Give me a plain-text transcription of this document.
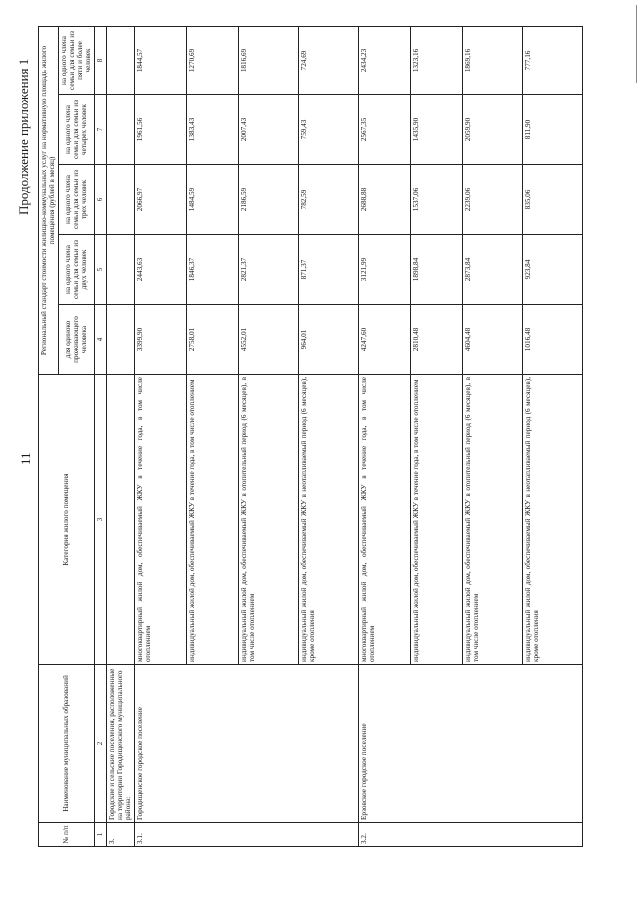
11
Продолжение приложения 1
№ п/п	Наименование муниципальных образований	Категория жилого помещения	Региональный стандарт стоимости жилищно-коммунальных услуг на нормативную площадь жилого помещения (рублей в месяц)				
			для одиноко проживающего человека	на одного члена семьи для семьи из двух человек	на одного члена семьи для семьи из трех человек	на одного члена семьи для семьи из четырех человек	на одного члена семьи для семьи из пяти и более человек
1	2	3	4	5	6	7	8
3.	Городские и сельские поселения, расположенные на территории Городищенского муниципального района:						
3.1.	Городищенское городское поселение	многоквартирный жилой дом, обеспечиваемый ЖКУ в течение года, в том числе отоплением	3399,90	2443,63	2066,97	1961,56	1844,57
		индивидуальный жилой дом, обеспечиваемый ЖКУ в течение года, в том числе отоплением	2758,01	1846,37	1484,59	1383,43	1270,69
		индивидуальный жилой дом, обеспечиваемый ЖКУ в отопительный период (6 месяцев), в том числе отоплением	4552,01	2821,37	2186,59	2007,43	1816,69
		индивидуальный жилой дом, обеспечиваемый ЖКУ в неотапливаемый период (6 месяцев), кроме отопления	964,01	871,37	782,59	759,43	724,69
3.2.	Ерзовское городское поселение	многоквартирный жилой дом, обеспечиваемый ЖКУ в течение года, в том числе отоплением	4247,60	3121,99	2688,88	2567,35	2434,23
		индивидуальный жилой дом, обеспечиваемый ЖКУ в течение года, в том числе отоплением	2810,48	1898,84	1537,06	1435,90	1323,16
		индивидуальный жилой дом, обеспечиваемый ЖКУ в отопительный период (6 месяцев), в том числе отоплением	4604,48	2873,84	2239,06	2059,90	1869,16
		индивидуальный жилой дом, обеспечиваемый ЖКУ в неотапливаемый период (6 месяцев), кроме отопления	1016,48	923,84	835,06	811,90	777,16
